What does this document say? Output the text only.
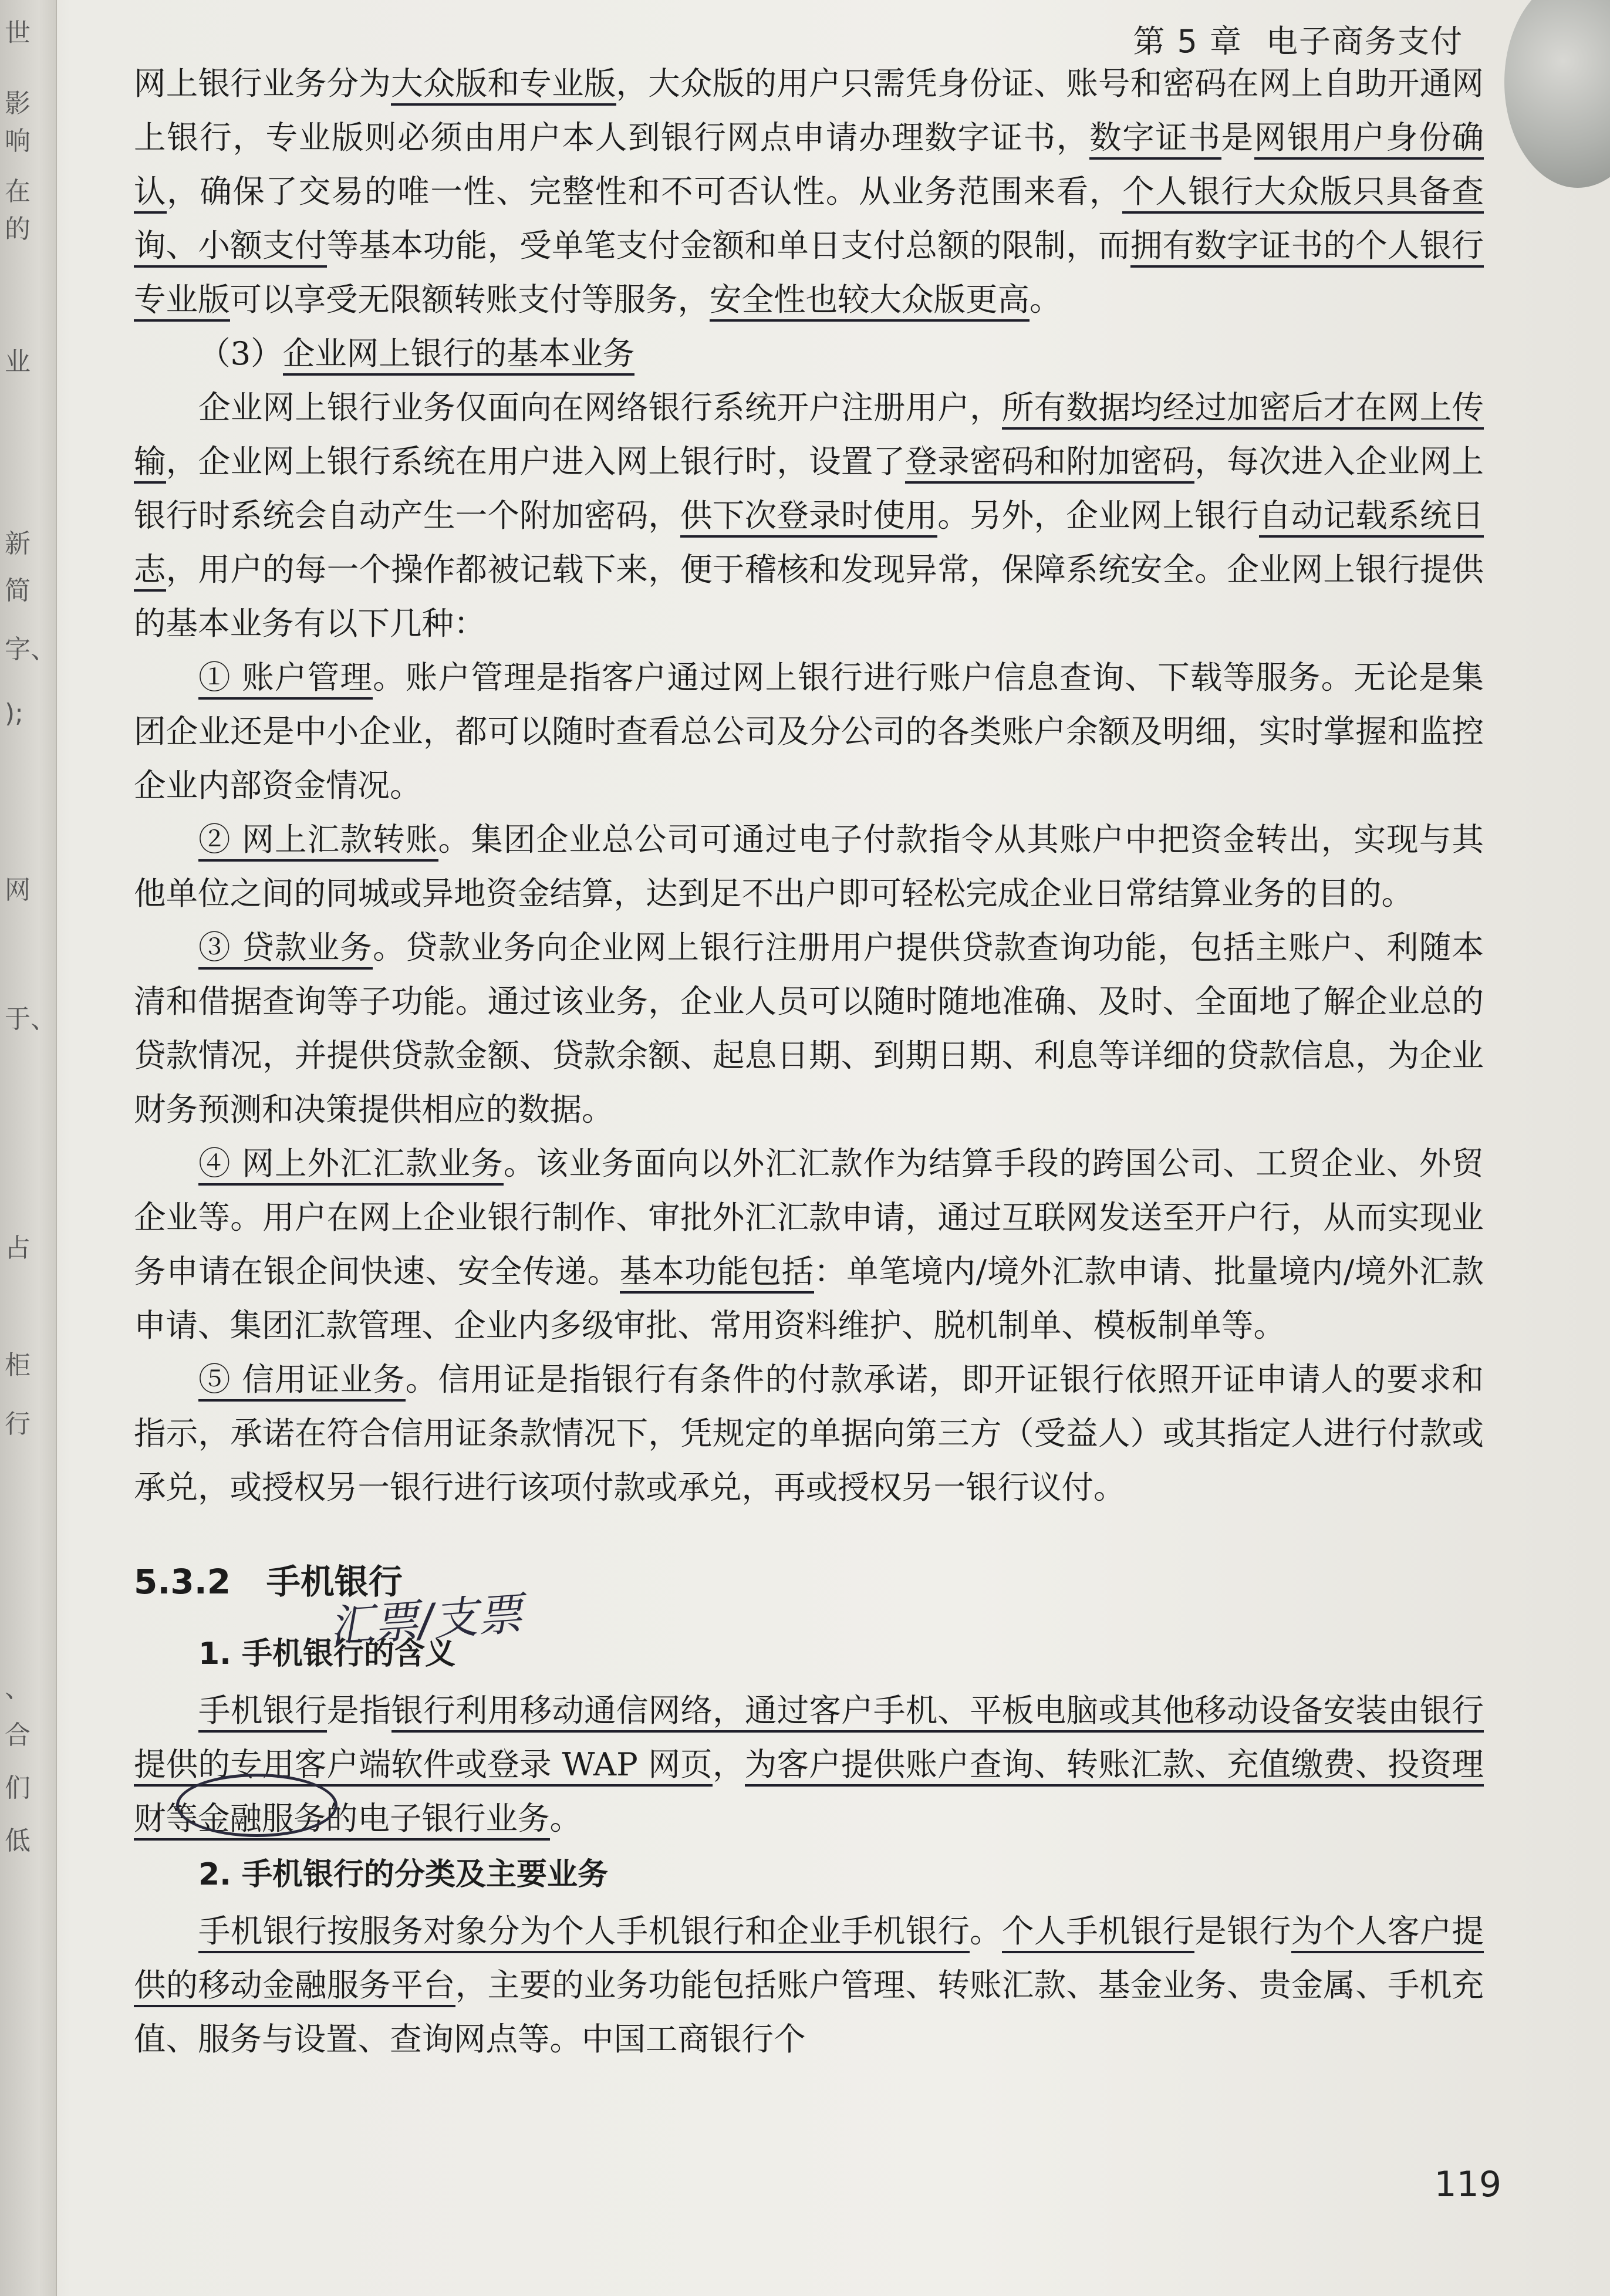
世
影响
在的
业
新
简
字、
);
网
于、
占
柜
行
、
合
们
低
第 5 章 电子商务支付

网上银行业务分为大众版和专业版，大众版的用户只需凭身份证、账号和密码在网上自助开通网上银行，专业版则必须由用户本人到银行网点申请办理数字证书，数字证书是网银用户身份确认，确保了交易的唯一性、完整性和不可否认性。从业务范围来看，个人银行大众版只具备查询、小额支付等基本功能，受单笔支付金额和单日支付总额的限制，而拥有数字证书的个人银行专业版可以享受无限额转账支付等服务，安全性也较大众版更高。

（3）企业网上银行的基本业务

企业网上银行业务仅面向在网络银行系统开户注册用户，所有数据均经过加密后才在网上传输，企业网上银行系统在用户进入网上银行时，设置了登录密码和附加密码，每次进入企业网上银行时系统会自动产生一个附加密码，供下次登录时使用。另外，企业网上银行自动记载系统日志，用户的每一个操作都被记载下来，便于稽核和发现异常，保障系统安全。企业网上银行提供的基本业务有以下几种：

① 账户管理。账户管理是指客户通过网上银行进行账户信息查询、下载等服务。无论是集团企业还是中小企业，都可以随时查看总公司及分公司的各类账户余额及明细，实时掌握和监控企业内部资金情况。

② 网上汇款转账。集团企业总公司可通过电子付款指令从其账户中把资金转出，实现与其他单位之间的同城或异地资金结算，达到足不出户即可轻松完成企业日常结算业务的目的。

③ 贷款业务。贷款业务向企业网上银行注册用户提供贷款查询功能，包括主账户、利随本清和借据查询等子功能。通过该业务，企业人员可以随时随地准确、及时、全面地了解企业总的贷款情况，并提供贷款金额、贷款余额、起息日期、到期日期、利息等详细的贷款信息，为企业财务预测和决策提供相应的数据。

④ 网上外汇汇款业务。该业务面向以外汇汇款作为结算手段的跨国公司、工贸企业、外贸企业等。用户在网上企业银行制作、审批外汇汇款申请，通过互联网发送至开户行，从而实现业务申请在银企间快速、安全传递。基本功能包括：单笔境内/境外汇款申请、批量境内/境外汇款申请、集团汇款管理、企业内多级审批、常用资料维护、脱机制单、模板制单等。

⑤ 信用证业务。信用证是指银行有条件的付款承诺，即开证银行依照开证申请人的要求和指示，承诺在符合信用证条款情况下，凭规定的单据向第三方（受益人）或其指定人进行付款或承兑，或授权另一银行进行该项付款或承兑，再或授权另一银行议付。

5.3.2 手机银行

1. 手机银行的含义

手机银行是指银行利用移动通信网络，通过客户手机、平板电脑或其他移动设备安装由银行提供的专用客户端软件或登录 WAP 网页，为客户提供账户查询、转账汇款、充值缴费、投资理财等金融服务的电子银行业务。

2. 手机银行的分类及主要业务

手机银行按服务对象分为个人手机银行和企业手机银行。个人手机银行是银行为个人客户提供的移动金融服务平台，主要的业务功能包括账户管理、转账汇款、基金业务、贵金属、手机充值、服务与设置、查询网点等。中国工商银行个

汇票/支票
119
